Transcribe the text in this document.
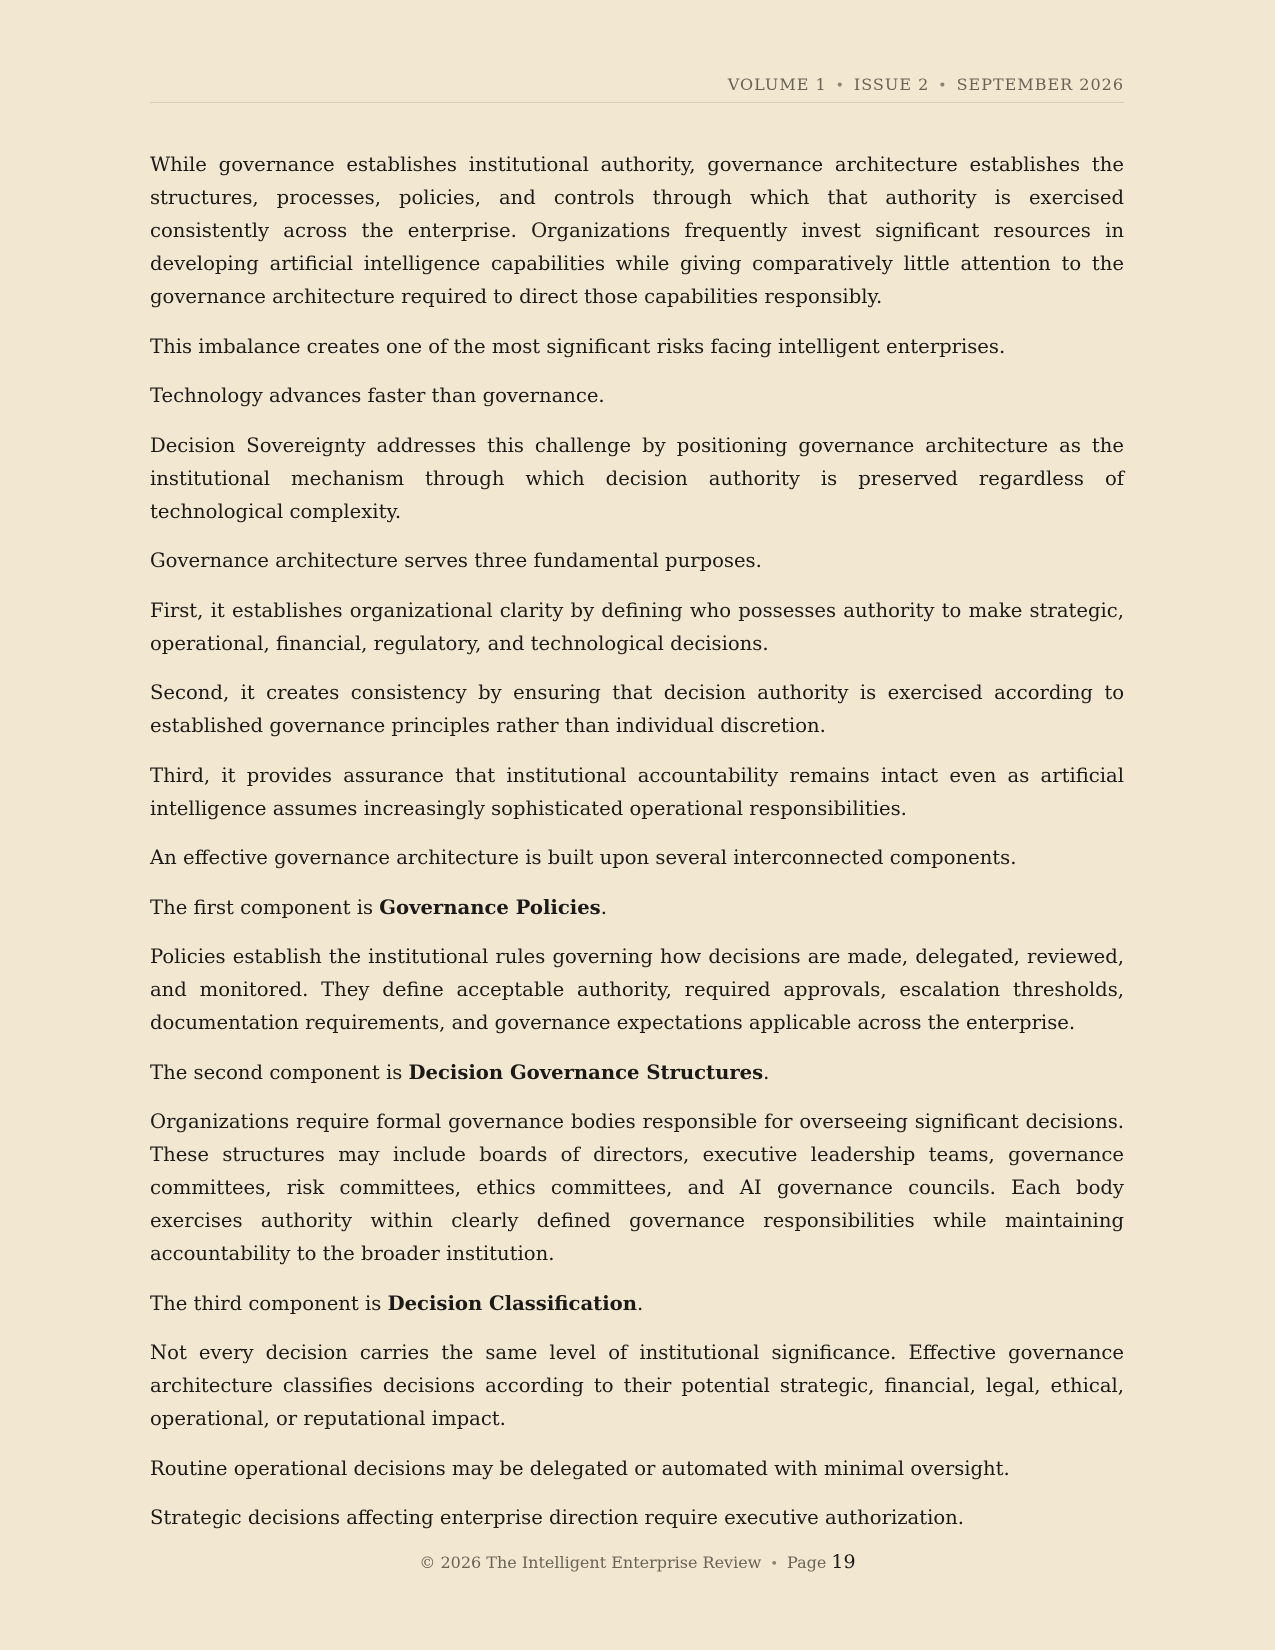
VOLUME 1 • ISSUE 2 • SEPTEMBER 2026

While governance establishes institutional authority, governance architecture establishes the structures, processes, policies, and controls through which that authority is exercised consistently across the enterprise. Organizations frequently invest significant resources in developing artificial intelligence capabilities while giving comparatively little attention to the governance architecture required to direct those capabilities responsibly.

This imbalance creates one of the most significant risks facing intelligent enterprises.

Technology advances faster than governance.

Decision Sovereignty addresses this challenge by positioning governance architecture as the institutional mechanism through which decision authority is preserved regardless of technological complexity.

Governance architecture serves three fundamental purposes.

First, it establishes organizational clarity by defining who possesses authority to make strategic, operational, financial, regulatory, and technological decisions.

Second, it creates consistency by ensuring that decision authority is exercised according to established governance principles rather than individual discretion.

Third, it provides assurance that institutional accountability remains intact even as artificial intelligence assumes increasingly sophisticated operational responsibilities.

An effective governance architecture is built upon several interconnected components.

The first component is Governance Policies.

Policies establish the institutional rules governing how decisions are made, delegated, reviewed, and monitored. They define acceptable authority, required approvals, escalation thresholds, documentation requirements, and governance expectations applicable across the enterprise.

The second component is Decision Governance Structures.

Organizations require formal governance bodies responsible for overseeing significant decisions. These structures may include boards of directors, executive leadership teams, governance committees, risk committees, ethics committees, and AI governance councils. Each body exercises authority within clearly defined governance responsibilities while maintaining accountability to the broader institution.

The third component is Decision Classification.

Not every decision carries the same level of institutional significance. Effective governance architecture classifies decisions according to their potential strategic, financial, legal, ethical, operational, or reputational impact.

Routine operational decisions may be delegated or automated with minimal oversight.

Strategic decisions affecting enterprise direction require executive authorization.

© 2026 The Intelligent Enterprise Review • Page 19
